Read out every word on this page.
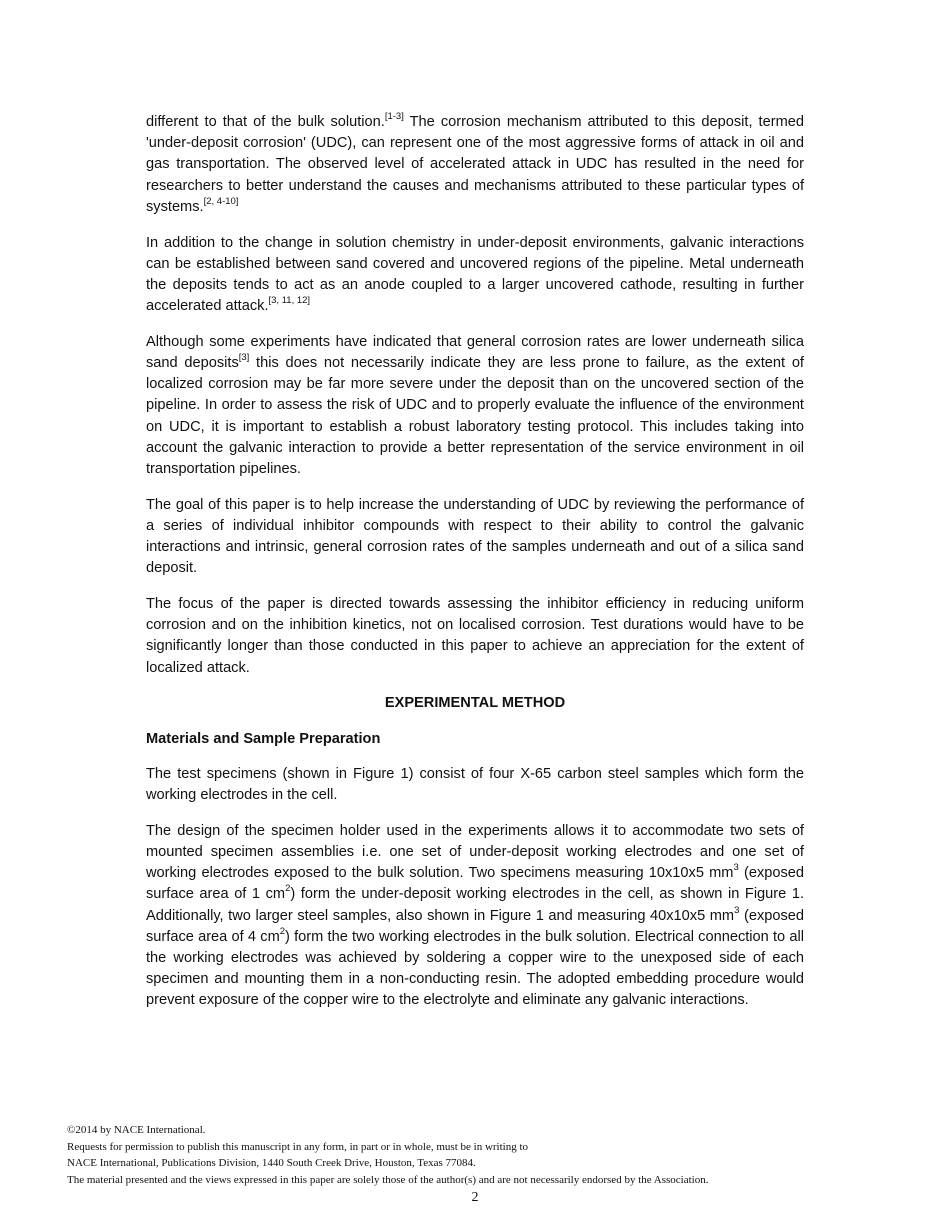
different to that of the bulk solution.[1-3] The corrosion mechanism attributed to this deposit, termed 'under-deposit corrosion' (UDC), can represent one of the most aggressive forms of attack in oil and gas transportation. The observed level of accelerated attack in UDC has resulted in the need for researchers to better understand the causes and mechanisms attributed to these particular types of systems.[2, 4-10]

In addition to the change in solution chemistry in under-deposit environments, galvanic interactions can be established between sand covered and uncovered regions of the pipeline. Metal underneath the deposits tends to act as an anode coupled to a larger uncovered cathode, resulting in further accelerated attack.[3, 11, 12]

Although some experiments have indicated that general corrosion rates are lower underneath silica sand deposits[3] this does not necessarily indicate they are less prone to failure, as the extent of localized corrosion may be far more severe under the deposit than on the uncovered section of the pipeline. In order to assess the risk of UDC and to properly evaluate the influence of the environment on UDC, it is important to establish a robust laboratory testing protocol. This includes taking into account the galvanic interaction to provide a better representation of the service environment in oil transportation pipelines.

The goal of this paper is to help increase the understanding of UDC by reviewing the performance of a series of individual inhibitor compounds with respect to their ability to control the galvanic interactions and intrinsic, general corrosion rates of the samples underneath and out of a silica sand deposit.

The focus of the paper is directed towards assessing the inhibitor efficiency in reducing uniform corrosion and on the inhibition kinetics, not on localised corrosion. Test durations would have to be significantly longer than those conducted in this paper to achieve an appreciation for the extent of localized attack.

EXPERIMENTAL METHOD
Materials and Sample Preparation

The test specimens (shown in Figure 1) consist of four X-65 carbon steel samples which form the working electrodes in the cell.

The design of the specimen holder used in the experiments allows it to accommodate two sets of mounted specimen assemblies i.e. one set of under-deposit working electrodes and one set of working electrodes exposed to the bulk solution. Two specimens measuring 10x10x5 $mm^3$ (exposed surface area of 1 $cm^2$) form the under-deposit working electrodes in the cell, as shown in Figure 1. Additionally, two larger steel samples, also shown in Figure 1 and measuring 40x10x5 $mm^3$ (exposed surface area of 4 $cm^2$) form the two working electrodes in the bulk solution. Electrical connection to all the working electrodes was achieved by soldering a copper wire to the unexposed side of each specimen and mounting them in a non-conducting resin. The adopted embedding procedure would prevent exposure of the copper wire to the electrolyte and eliminate any galvanic interactions.

©2014 by NACE International.
Requests for permission to publish this manuscript in any form, in part or in whole, must be in writing to
NACE International, Publications Division, 1440 South Creek Drive, Houston, Texas 77084.
The material presented and the views expressed in this paper are solely those of the author(s) and are not necessarily endorsed by the Association.
2
